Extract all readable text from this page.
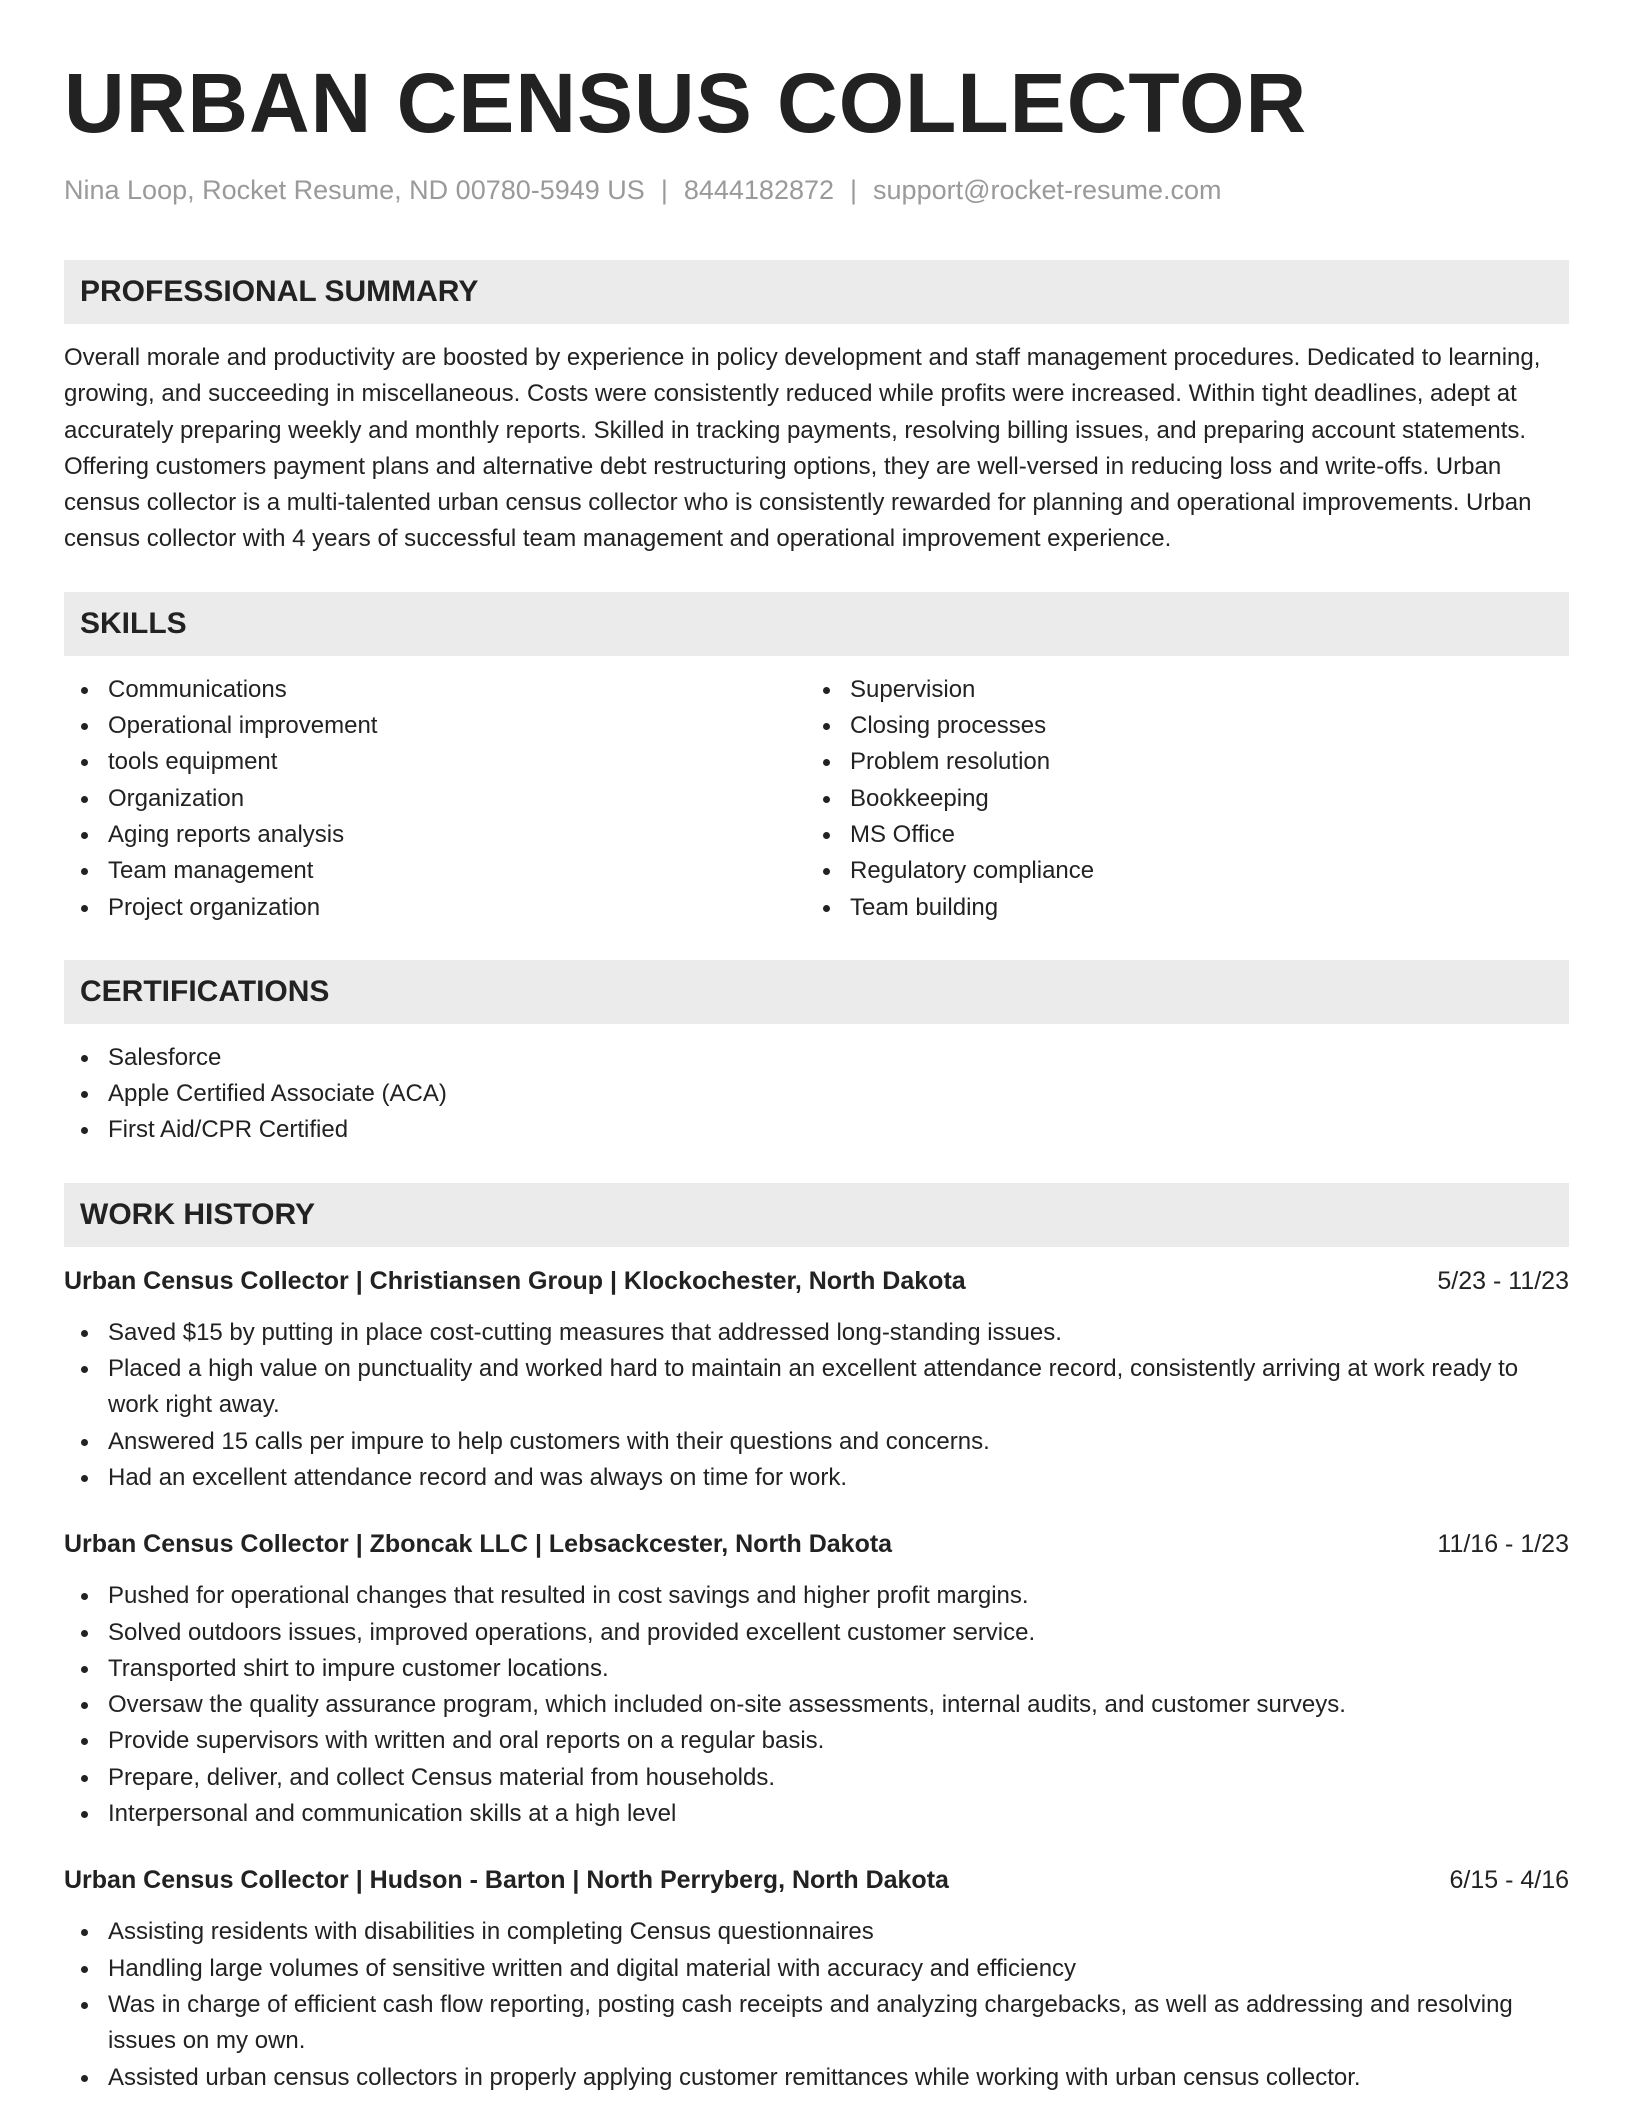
URBAN CENSUS COLLECTOR
Nina Loop, Rocket Resume, ND 00780-5949 US | 8444182872 | support@rocket-resume.com
PROFESSIONAL SUMMARY

Overall morale and productivity are boosted by experience in policy development and staff management procedures. Dedicated to learning, growing, and succeeding in miscellaneous. Costs were consistently reduced while profits were increased. Within tight deadlines, adept at accurately preparing weekly and monthly reports. Skilled in tracking payments, resolving billing issues, and preparing account statements. Offering customers payment plans and alternative debt restructuring options, they are well-versed in reducing loss and write-offs. Urban census collector is a multi-talented urban census collector who is consistently rewarded for planning and operational improvements. Urban census collector with 4 years of successful team management and operational improvement experience.

SKILLS
Communications
Operational improvement
tools equipment
Organization
Aging reports analysis
Team management
Project organization
Supervision
Closing processes
Problem resolution
Bookkeeping
MS Office
Regulatory compliance
Team building
CERTIFICATIONS
Salesforce
Apple Certified Associate (ACA)
First Aid/CPR Certified
WORK HISTORY
Urban Census Collector | Christiansen Group | Klockochester, North Dakota	5/23 - 11/23
Saved $15 by putting in place cost-cutting measures that addressed long-standing issues.
Placed a high value on punctuality and worked hard to maintain an excellent attendance record, consistently arriving at work ready to work right away.
Answered 15 calls per impure to help customers with their questions and concerns.
Had an excellent attendance record and was always on time for work.
Urban Census Collector | Zboncak LLC | Lebsackcester, North Dakota	11/16 - 1/23
Pushed for operational changes that resulted in cost savings and higher profit margins.
Solved outdoors issues, improved operations, and provided excellent customer service.
Transported shirt to impure customer locations.
Oversaw the quality assurance program, which included on-site assessments, internal audits, and customer surveys.
Provide supervisors with written and oral reports on a regular basis.
Prepare, deliver, and collect Census material from households.
Interpersonal and communication skills at a high level
Urban Census Collector | Hudson - Barton | North Perryberg, North Dakota	6/15 - 4/16
Assisting residents with disabilities in completing Census questionnaires
Handling large volumes of sensitive written and digital material with accuracy and efficiency
Was in charge of efficient cash flow reporting, posting cash receipts and analyzing chargebacks, as well as addressing and resolving issues on my own.
Assisted urban census collectors in properly applying customer remittances while working with urban census collector.
